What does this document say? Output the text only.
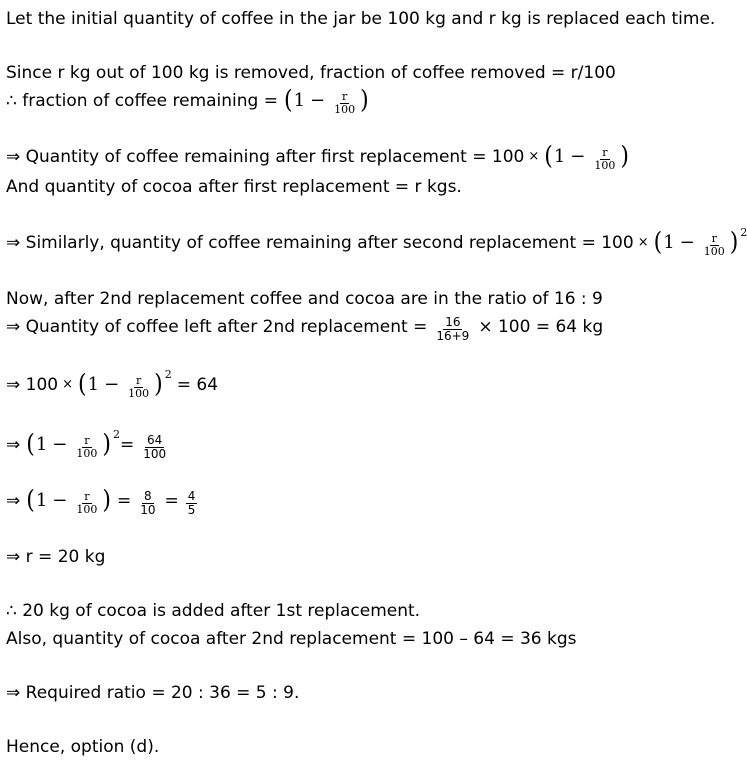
Let the initial quantity of coffee in the jar be 100 kg and r kg is replaced each time.
Since r kg out of 100 kg is removed, fraction of coffee removed = r/100
∴ fraction of coffee remaining = ( $1 - \frac{r}{100}$ )
⇒ Quantity of coffee remaining after first replacement = 100 × ( $1 - \frac{r}{100}$ )
And quantity of cocoa after first replacement = r kgs.
⇒ Similarly, quantity of coffee remaining after second replacement = 100 × ( $1 - \frac{r}{100}$ ) 2
Now, after 2nd replacement coffee and cocoa are in the ratio of 16 : 9
⇒ Quantity of coffee left after 2nd replacement = $\frac{16}{16+9} \times 100 = 64$ kg
⇒ 100 × ( $1 - \frac{r}{100}$ ) 2
= 64
⇒ ( $1 - \frac{r}{100}$ ) 2
= $\frac{64}{100}$
⇒ ( $1 - \frac{r}{100}$ ) = $\frac{8}{10} = \frac{4}{5}$
⇒ r = 20 kg
∴ 20 kg of cocoa is added after 1st replacement.
Also, quantity of cocoa after 2nd replacement = 100 – 64 = 36 kgs
⇒ Required ratio = 20 : 36 = 5 : 9.
Hence, option (d).
